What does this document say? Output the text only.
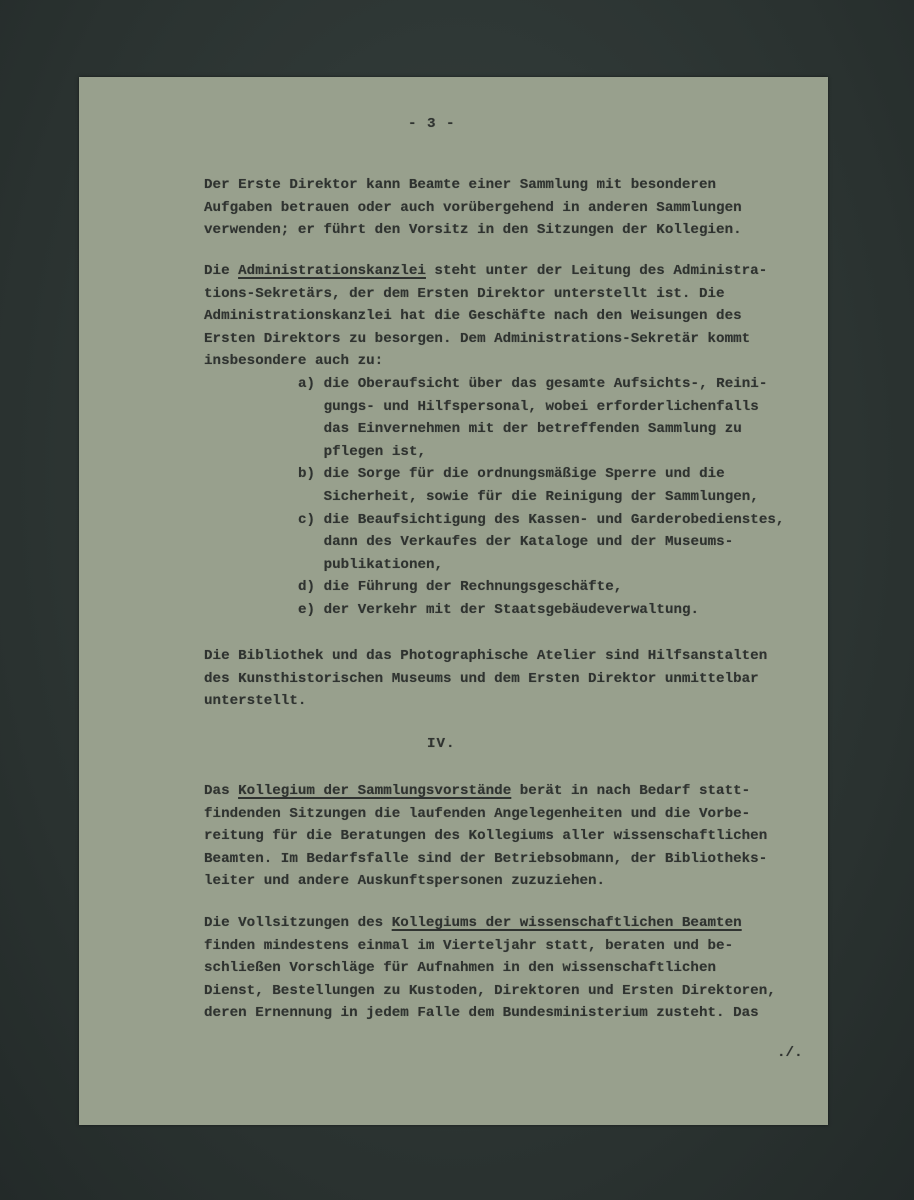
- 3 -
Der Erste Direktor kann Beamte einer Sammlung mit besonderen
Aufgaben betrauen oder auch vorübergehend in anderen Sammlungen
verwenden; er führt den Vorsitz in den Sitzungen der Kollegien.
Die Administrationskanzlei steht unter der Leitung des Administra-
tions-Sekretärs, der dem Ersten Direktor unterstellt ist. Die
Administrationskanzlei hat die Geschäfte nach den Weisungen des
Ersten Direktors zu besorgen. Dem Administrations-Sekretär kommt
insbesondere auch zu:
a) die Oberaufsicht über das gesamte Aufsichts-, Reini-
gungs- und Hilfspersonal, wobei erforderlichenfalls
das Einvernehmen mit der betreffenden Sammlung zu
pflegen ist,
b) die Sorge für die ordnungsmäßige Sperre und die
Sicherheit, sowie für die Reinigung der Sammlungen,
c) die Beaufsichtigung des Kassen- und Garderobedienstes,
dann des Verkaufes der Kataloge und der Museums-
publikationen,
d) die Führung der Rechnungsgeschäfte,
e) der Verkehr mit der Staatsgebäudeverwaltung.
Die Bibliothek und das Photographische Atelier sind Hilfsanstalten
des Kunsthistorischen Museums und dem Ersten Direktor unmittelbar
unterstellt.
IV.
Das Kollegium der Sammlungsvorstände berät in nach Bedarf statt-
findenden Sitzungen die laufenden Angelegenheiten und die Vorbe-
reitung für die Beratungen des Kollegiums aller wissenschaftlichen
Beamten. Im Bedarfsfalle sind der Betriebsobmann, der Bibliotheks-
leiter und andere Auskunftspersonen zuzuziehen.
Die Vollsitzungen des Kollegiums der wissenschaftlichen Beamten
finden mindestens einmal im Vierteljahr statt, beraten und be-
schließen Vorschläge für Aufnahmen in den wissenschaftlichen
Dienst, Bestellungen zu Kustoden, Direktoren und Ersten Direktoren,
deren Ernennung in jedem Falle dem Bundesministerium zusteht. Das
./.
